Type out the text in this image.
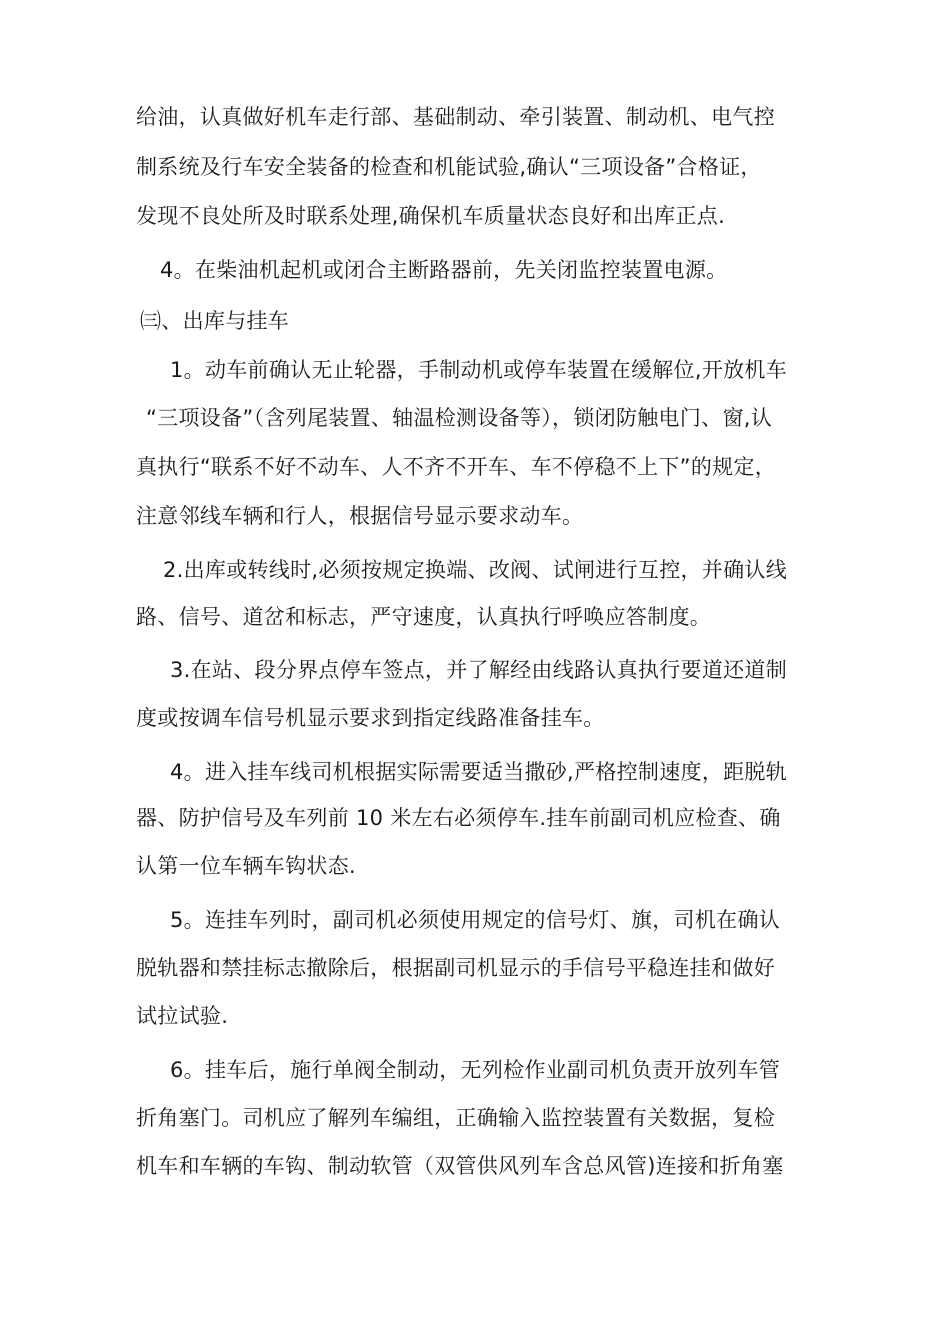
给油，认真做好机车走行部、基础制动、牵引装置、制动机、电气控
制系统及行车安全装备的检查和机能试验,确认“三项设备”合格证，
发现不良处所及时联系处理,确保机车质量状态良好和出库正点.
4。在柴油机起机或闭合主断路器前，先关闭监控装置电源。
㈢、出库与挂车
1。动车前确认无止轮器，手制动机或停车装置在缓解位,开放机车
“三项设备”（含列尾装置、轴温检测设备等），锁闭防触电门、窗,认
真执行“联系不好不动车、人不齐不开车、车不停稳不上下”的规定，
注意邻线车辆和行人，根据信号显示要求动车。
2.出库或转线时,必须按规定换端、改阀、试闸进行互控，并确认线
路、信号、道岔和标志，严守速度，认真执行呼唤应答制度。
3.在站、段分界点停车签点，并了解经由线路认真执行要道还道制
度或按调车信号机显示要求到指定线路准备挂车。
4。进入挂车线司机根据实际需要适当撒砂,严格控制速度，距脱轨
器、防护信号及车列前 10 米左右必须停车.挂车前副司机应检查、确
认第一位车辆车钩状态.
5。连挂车列时，副司机必须使用规定的信号灯、旗，司机在确认
脱轨器和禁挂标志撤除后，根据副司机显示的手信号平稳连挂和做好
试拉试验.
6。挂车后，施行单阀全制动，无列检作业副司机负责开放列车管
折角塞门。司机应了解列车编组，正确输入监控装置有关数据，复检
机车和车辆的车钩、制动软管（双管供风列车含总风管)连接和折角塞
